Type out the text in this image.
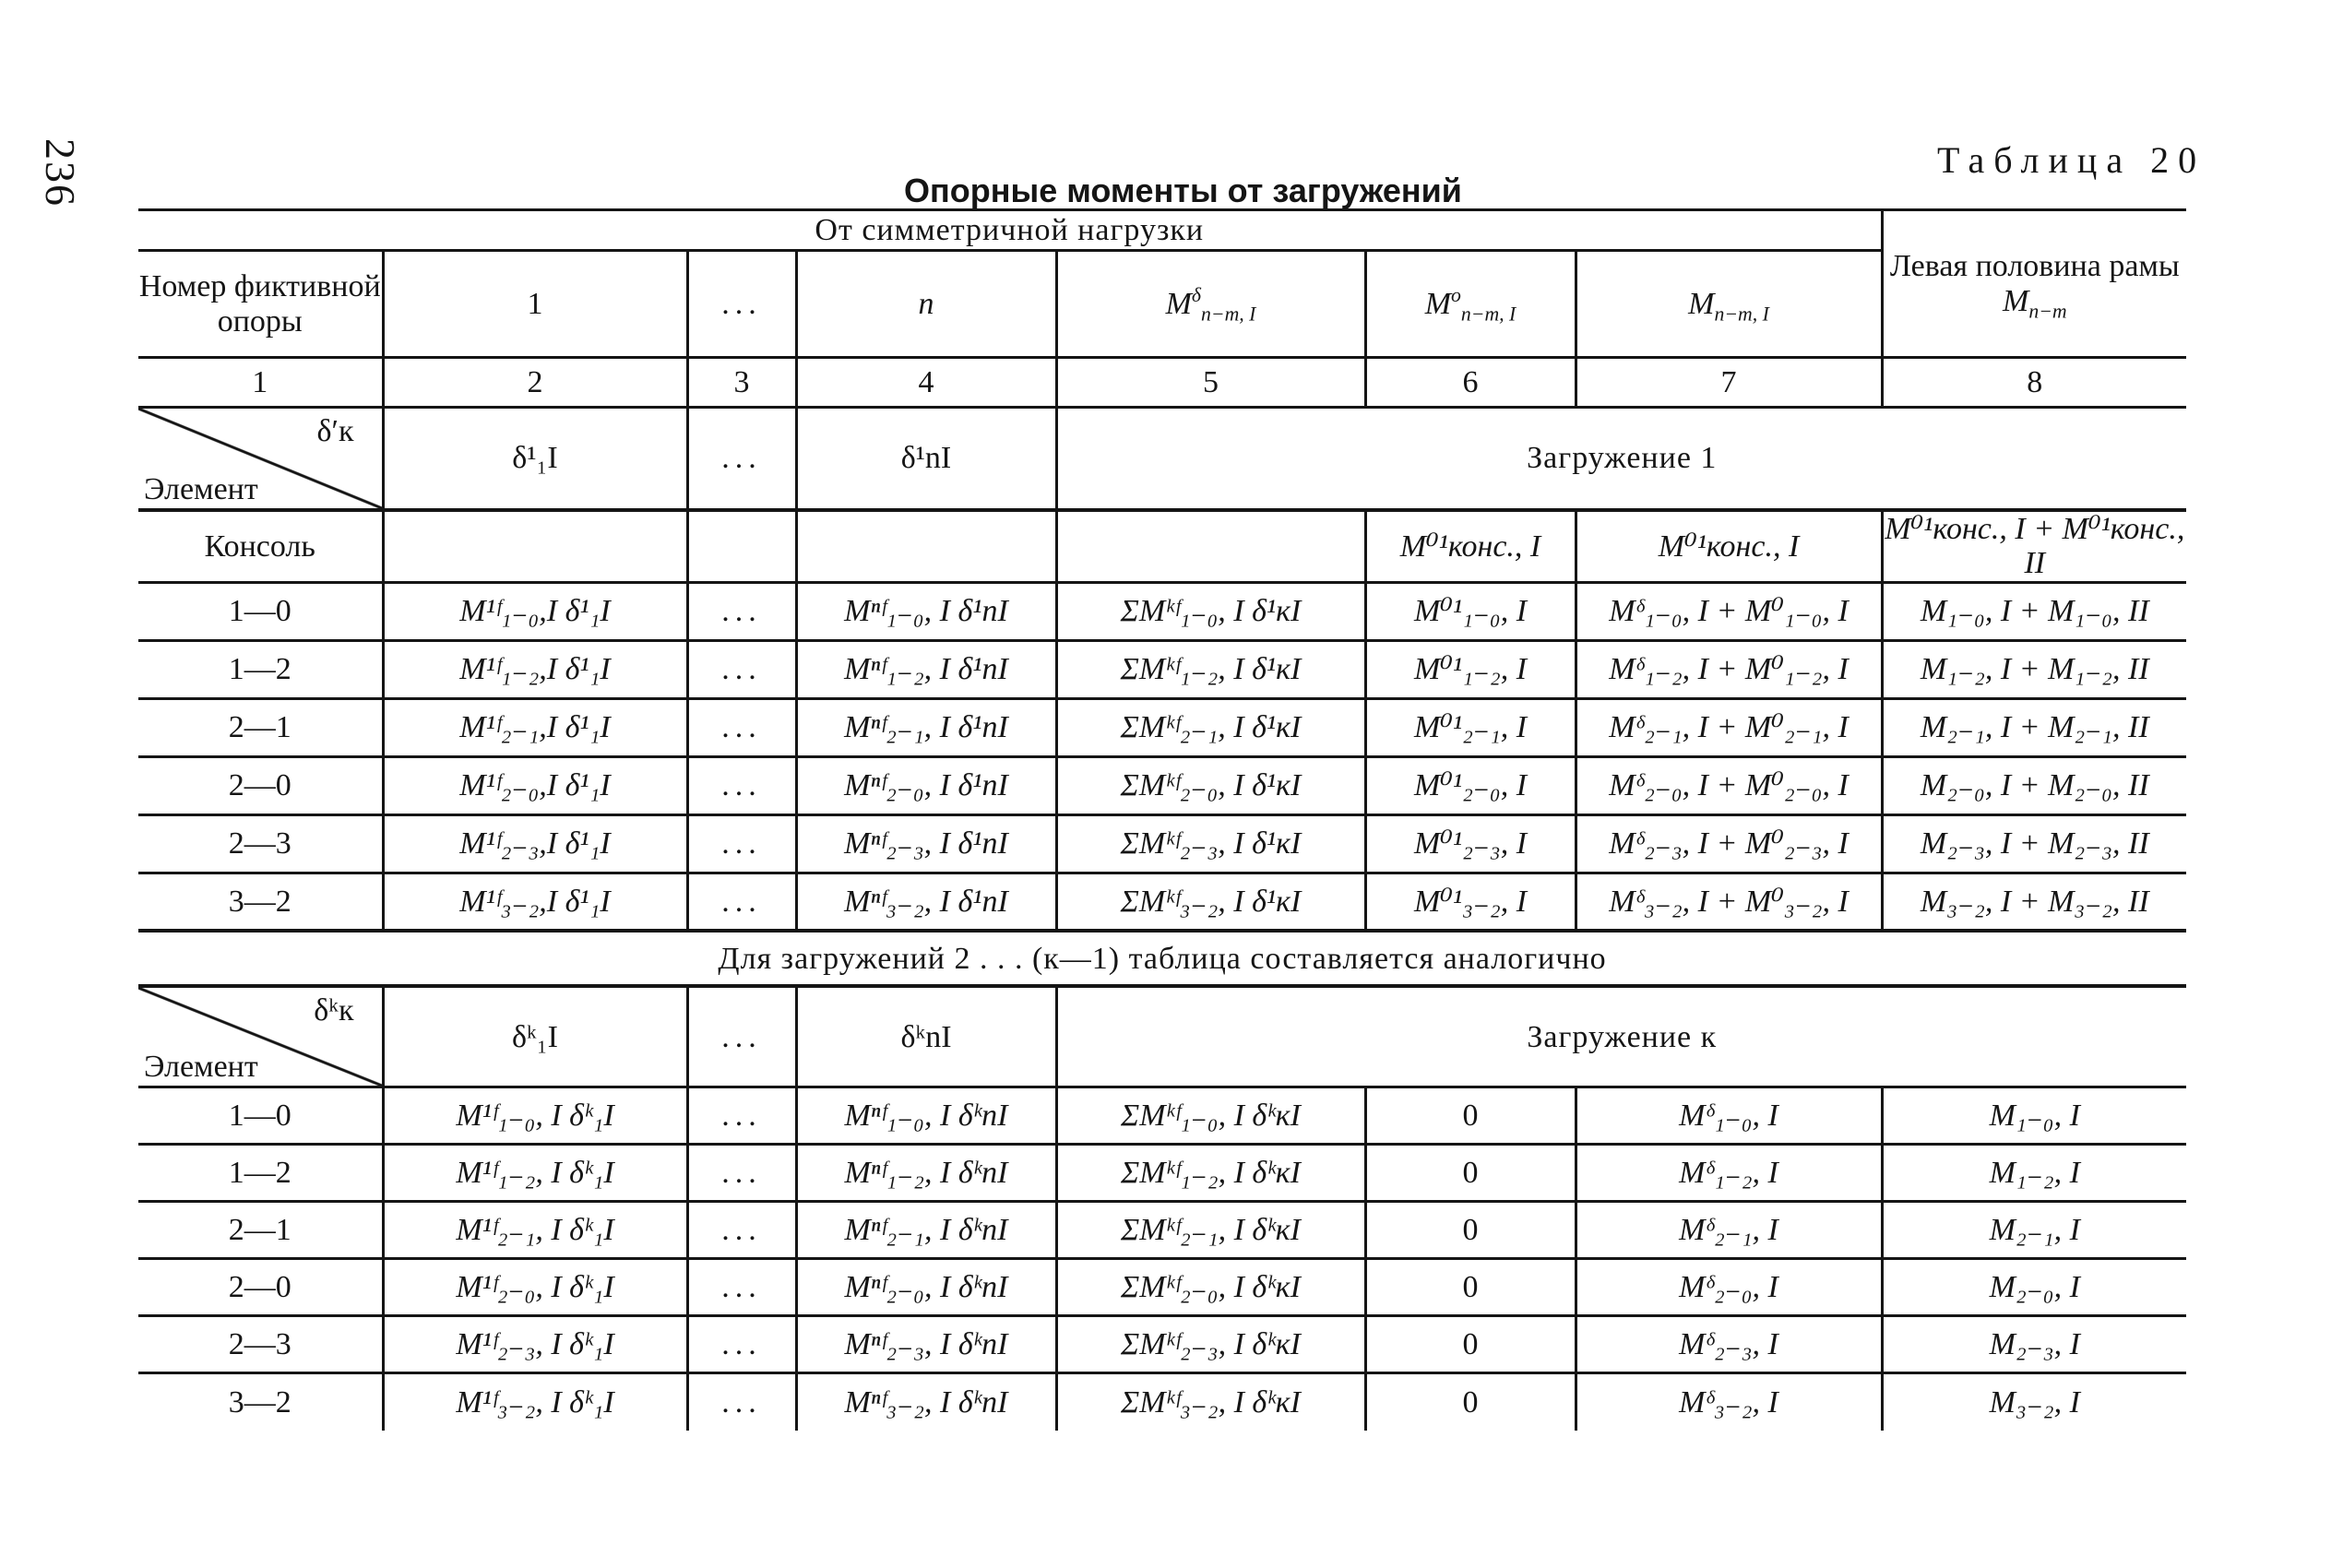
236	Таблица 20
Опорные моменты от загружений
От симметричной нагрузки							Левая половина рамы $M_{n-m}$
Номер фиктивной опоры	1	...	n	$M^\delta_{n-m, I}$	$M^о_{n-m, I}$	$M_{n-m, I}$
1	2	3	4	5	6	7	8

δ′к
Элемент	δ¹₁I	...	δ¹nI	Загружение 1			
Консоль					M⁰¹конс., I	M⁰¹конс., I	M⁰¹конс., I + M⁰¹конс., II
1—0	M¹ᶠ₁₋₀,I δ¹₁I	...	Mⁿᶠ₁₋₀, I δ¹nI	ΣMᵏᶠ₁₋₀, I δ¹кI	M⁰¹₁₋₀, I	Mᵟ₁₋₀, I + M⁰₁₋₀, I	M₁₋₀, I + M₁₋₀, II
1—2	M¹ᶠ₁₋₂,I δ¹₁I	...	Mⁿᶠ₁₋₂, I δ¹nI	ΣMᵏᶠ₁₋₂, I δ¹кI	M⁰¹₁₋₂, I	Mᵟ₁₋₂, I + M⁰₁₋₂, I	M₁₋₂, I + M₁₋₂, II
2—1	M¹ᶠ₂₋₁,I δ¹₁I	...	Mⁿᶠ₂₋₁, I δ¹nI	ΣMᵏᶠ₂₋₁, I δ¹кI	M⁰¹₂₋₁, I	Mᵟ₂₋₁, I + M⁰₂₋₁, I	M₂₋₁, I + M₂₋₁, II
2—0	M¹ᶠ₂₋₀,I δ¹₁I	...	Mⁿᶠ₂₋₀, I δ¹nI	ΣMᵏᶠ₂₋₀, I δ¹кI	M⁰¹₂₋₀, I	Mᵟ₂₋₀, I + M⁰₂₋₀, I	M₂₋₀, I + M₂₋₀, II
2—3	M¹ᶠ₂₋₃,I δ¹₁I	...	Mⁿᶠ₂₋₃, I δ¹nI	ΣMᵏᶠ₂₋₃, I δ¹кI	M⁰¹₂₋₃, I	Mᵟ₂₋₃, I + M⁰₂₋₃, I	M₂₋₃, I + M₂₋₃, II
3—2	M¹ᶠ₃₋₂,I δ¹₁I	...	Mⁿᶠ₃₋₂, I δ¹nI	ΣMᵏᶠ₃₋₂, I δ¹кI	M⁰¹₃₋₂, I	Mᵟ₃₋₂, I + M⁰₃₋₂, I	M₃₋₂, I + M₃₋₂, II
Для загружений 2 . . . (к—1) таблица составляется аналогично							

δᵏк
Элемент	δᵏ₁I	...	δᵏnI	Загружение к			
1—0	M¹ᶠ₁₋₀, I δᵏ₁I	...	Mⁿᶠ₁₋₀, I δᵏnI	ΣMᵏᶠ₁₋₀, I δᵏкI	0	Mᵟ₁₋₀, I	M₁₋₀, I
1—2	M¹ᶠ₁₋₂, I δᵏ₁I	...	Mⁿᶠ₁₋₂, I δᵏnI	ΣMᵏᶠ₁₋₂, I δᵏкI	0	Mᵟ₁₋₂, I	M₁₋₂, I
2—1	M¹ᶠ₂₋₁, I δᵏ₁I	...	Mⁿᶠ₂₋₁, I δᵏnI	ΣMᵏᶠ₂₋₁, I δᵏкI	0	Mᵟ₂₋₁, I	M₂₋₁, I
2—0	M¹ᶠ₂₋₀, I δᵏ₁I	...	Mⁿᶠ₂₋₀, I δᵏnI	ΣMᵏᶠ₂₋₀, I δᵏкI	0	Mᵟ₂₋₀, I	M₂₋₀, I
2—3	M¹ᶠ₂₋₃, I δᵏ₁I	...	Mⁿᶠ₂₋₃, I δᵏnI	ΣMᵏᶠ₂₋₃, I δᵏкI	0	Mᵟ₂₋₃, I	M₂₋₃, I
3—2	M¹ᶠ₃₋₂, I δᵏ₁I	...	Mⁿᶠ₃₋₂, I δᵏnI	ΣMᵏᶠ₃₋₂, I δᵏкI	0	Mᵟ₃₋₂, I	M₃₋₂, I
